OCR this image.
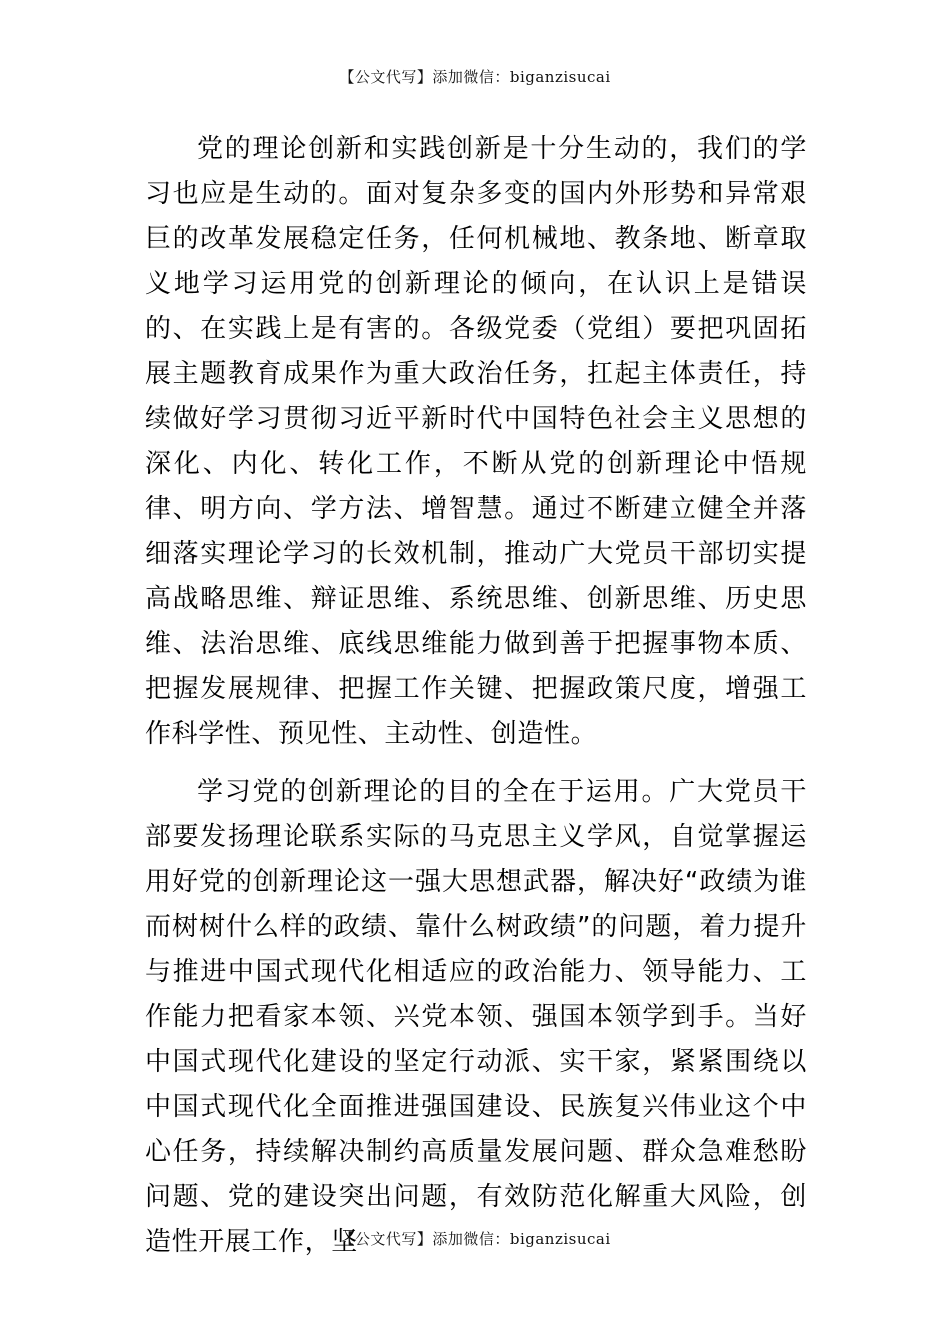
【公文代写】添加微信：biganzisucai

党的理论创新和实践创新是十分生动的，我们的学习也应是生动的。面对复杂多变的国内外形势和异常艰巨的改革发展稳定任务，任何机械地、教条地、断章取义地学习运用党的创新理论的倾向，在认识上是错误的、在实践上是有害的。各级党委（党组）要把巩固拓展主题教育成果作为重大政治任务，扛起主体责任，持续做好学习贯彻习近平新时代中国特色社会主义思想的深化、内化、转化工作，不断从党的创新理论中悟规律、明方向、学方法、增智慧。通过不断建立健全并落细落实理论学习的长效机制，推动广大党员干部切实提高战略思维、辩证思维、系统思维、创新思维、历史思维、法治思维、底线思维能力做到善于把握事物本质、把握发展规律、把握工作关键、把握政策尺度，增强工作科学性、预见性、主动性、创造性。

学习党的创新理论的目的全在于运用。广大党员干部要发扬理论联系实际的马克思主义学风，自觉掌握运用好党的创新理论这一强大思想武器，解决好“政绩为谁而树树什么样的政绩、靠什么树政绩”的问题，着力提升与推进中国式现代化相适应的政治能力、领导能力、工作能力把看家本领、兴党本领、强国本领学到手。当好中国式现代化建设的坚定行动派、实干家，紧紧围绕以中国式现代化全面推进强国建设、民族复兴伟业这个中心任务，持续解决制约高质量发展问题、群众急难愁盼问题、党的建设突出问题，有效防范化解重大风险，创造性开展工作，坚

【公文代写】添加微信：biganzisucai
